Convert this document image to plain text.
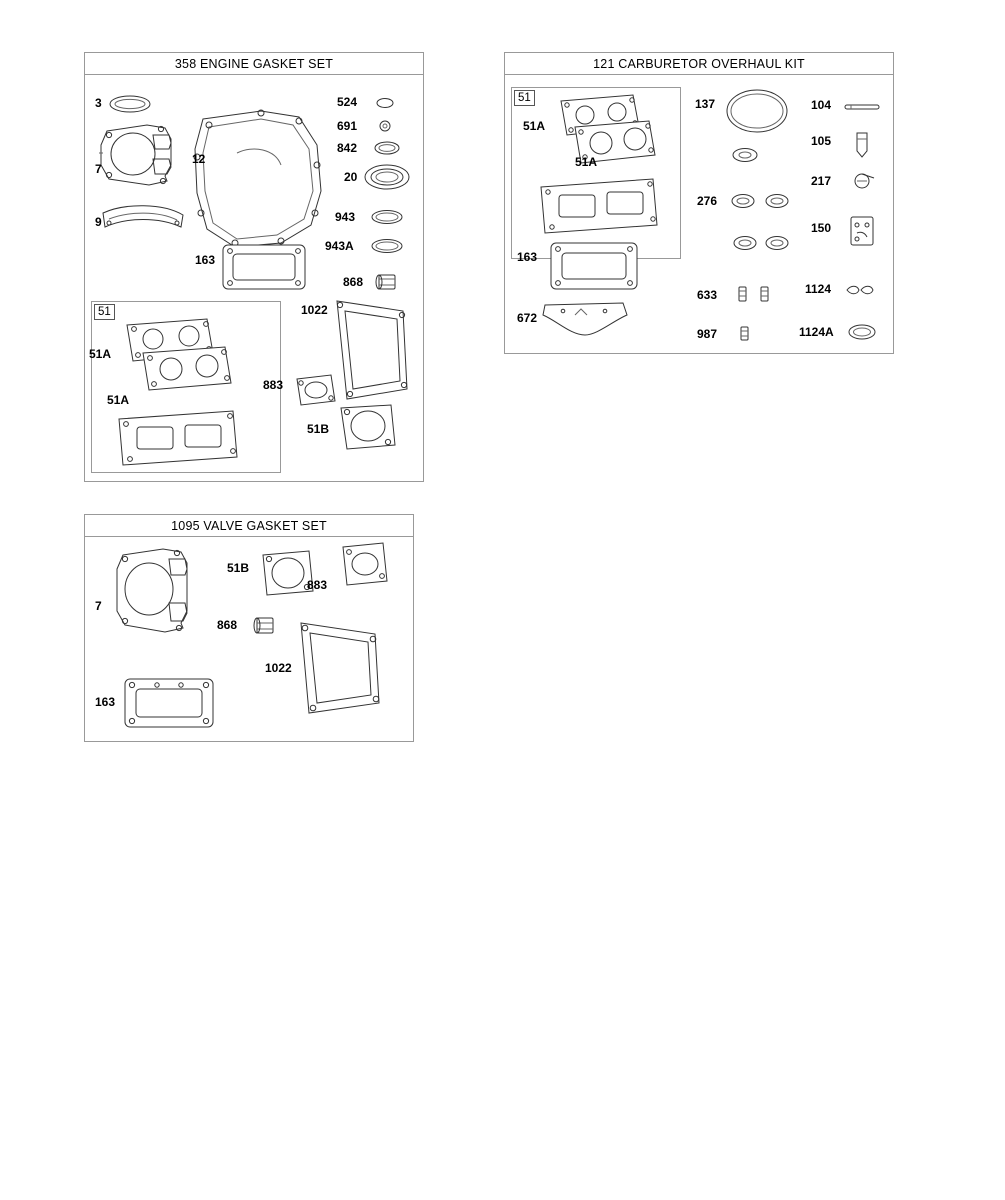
358 ENGINE GASKET SET
51
3
7
9
12
524
691
842
20
943
943A
163
868
1022
883
51B
51A
51A
121 CARBURETOR OVERHAUL KIT
51
51A
51A
163
672
137
276
633
987
104
105
217
150
1124
1124A
1095 VALVE GASKET SET
7
51B
883
868
1022
163
